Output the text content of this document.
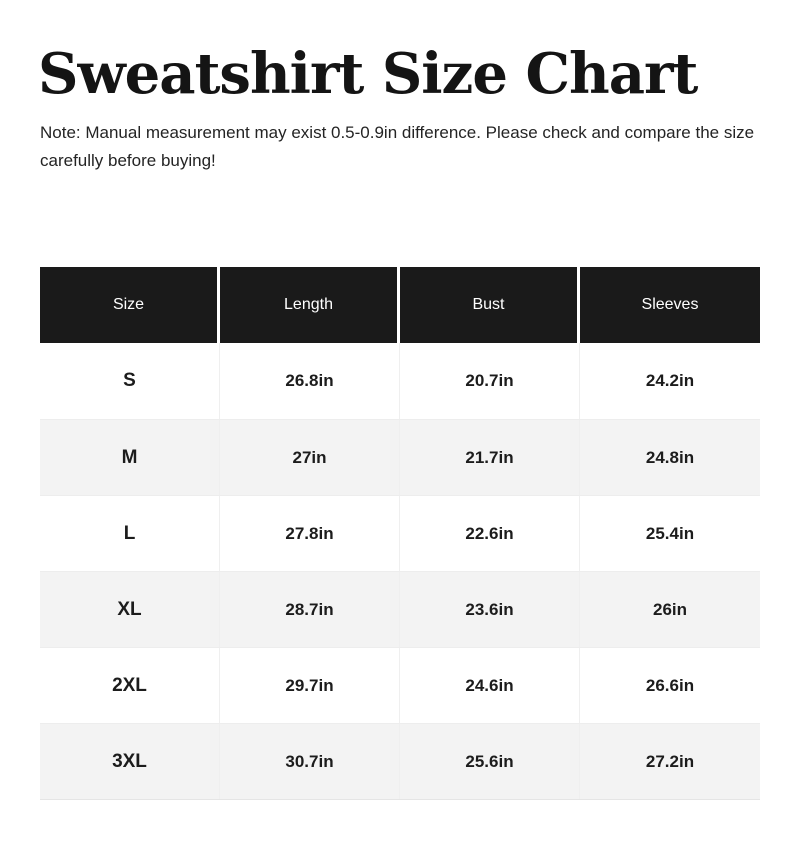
Sweatshirt Size Chart

Note: Manual measurement may exist 0.5-0.9in difference. Please check and compare the size
carefully before buying!

Size	Length	Bust	Sleeves
S	26.8in	20.7in	24.2in
M	27in	21.7in	24.8in
L	27.8in	22.6in	25.4in
XL	28.7in	23.6in	26in
2XL	29.7in	24.6in	26.6in
3XL	30.7in	25.6in	27.2in
